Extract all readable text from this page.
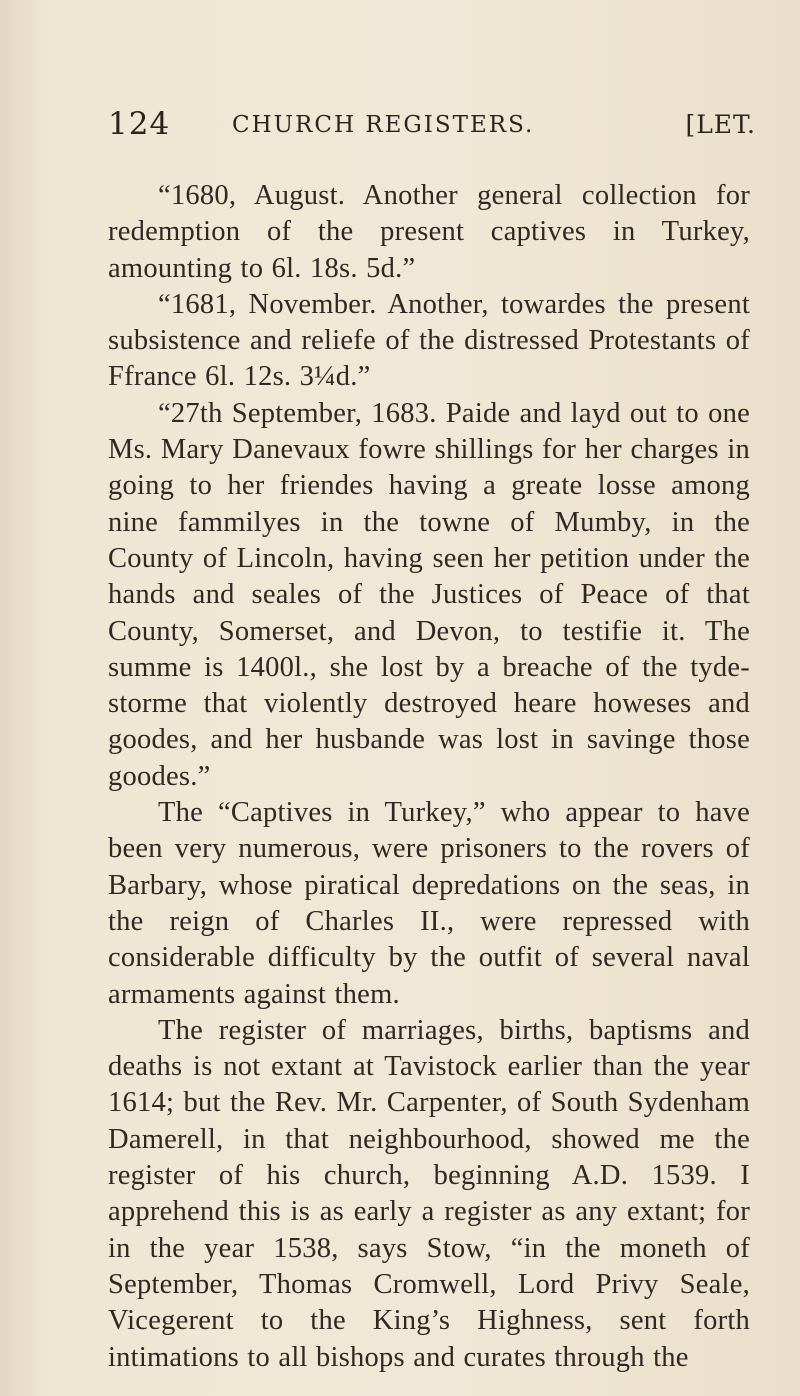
124	CHURCH REGISTERS.	[LET.

“1680, August. Another general collection for redemption of the present captives in Turkey, amounting to 6l. 18s. 5d.”

“1681, November. Another, towardes the present subsistence and reliefe of the distressed Protestants of Ffrance 6l. 12s. 3¼d.”

“27th September, 1683. Paide and layd out to one Ms. Mary Danevaux fowre shillings for her charges in going to her friendes having a greate losse among nine fammilyes in the towne of Mumby, in the County of Lincoln, having seen her petition under the hands and seales of the Justices of Peace of that County, Somerset, and Devon, to testifie it. The summe is 1400l., she lost by a breache of the tyde-storme that violently destroyed heare howeses and goodes, and her husbande was lost in savinge those goodes.”

The “Captives in Turkey,” who appear to have been very numerous, were prisoners to the rovers of Barbary, whose piratical depredations on the seas, in the reign of Charles II., were repressed with considerable difficulty by the outfit of several naval armaments against them.

The register of marriages, births, baptisms and deaths is not extant at Tavistock earlier than the year 1614; but the Rev. Mr. Carpenter, of South Sydenham Damerell, in that neighbourhood, showed me the register of his church, beginning A.D. 1539. I apprehend this is as early a register as any extant; for in the year 1538, says Stow, “in the moneth of September, Thomas Cromwell, Lord Privy Seale, Vicegerent to the King’s Highness, sent forth intimations to all bishops and curates through the
